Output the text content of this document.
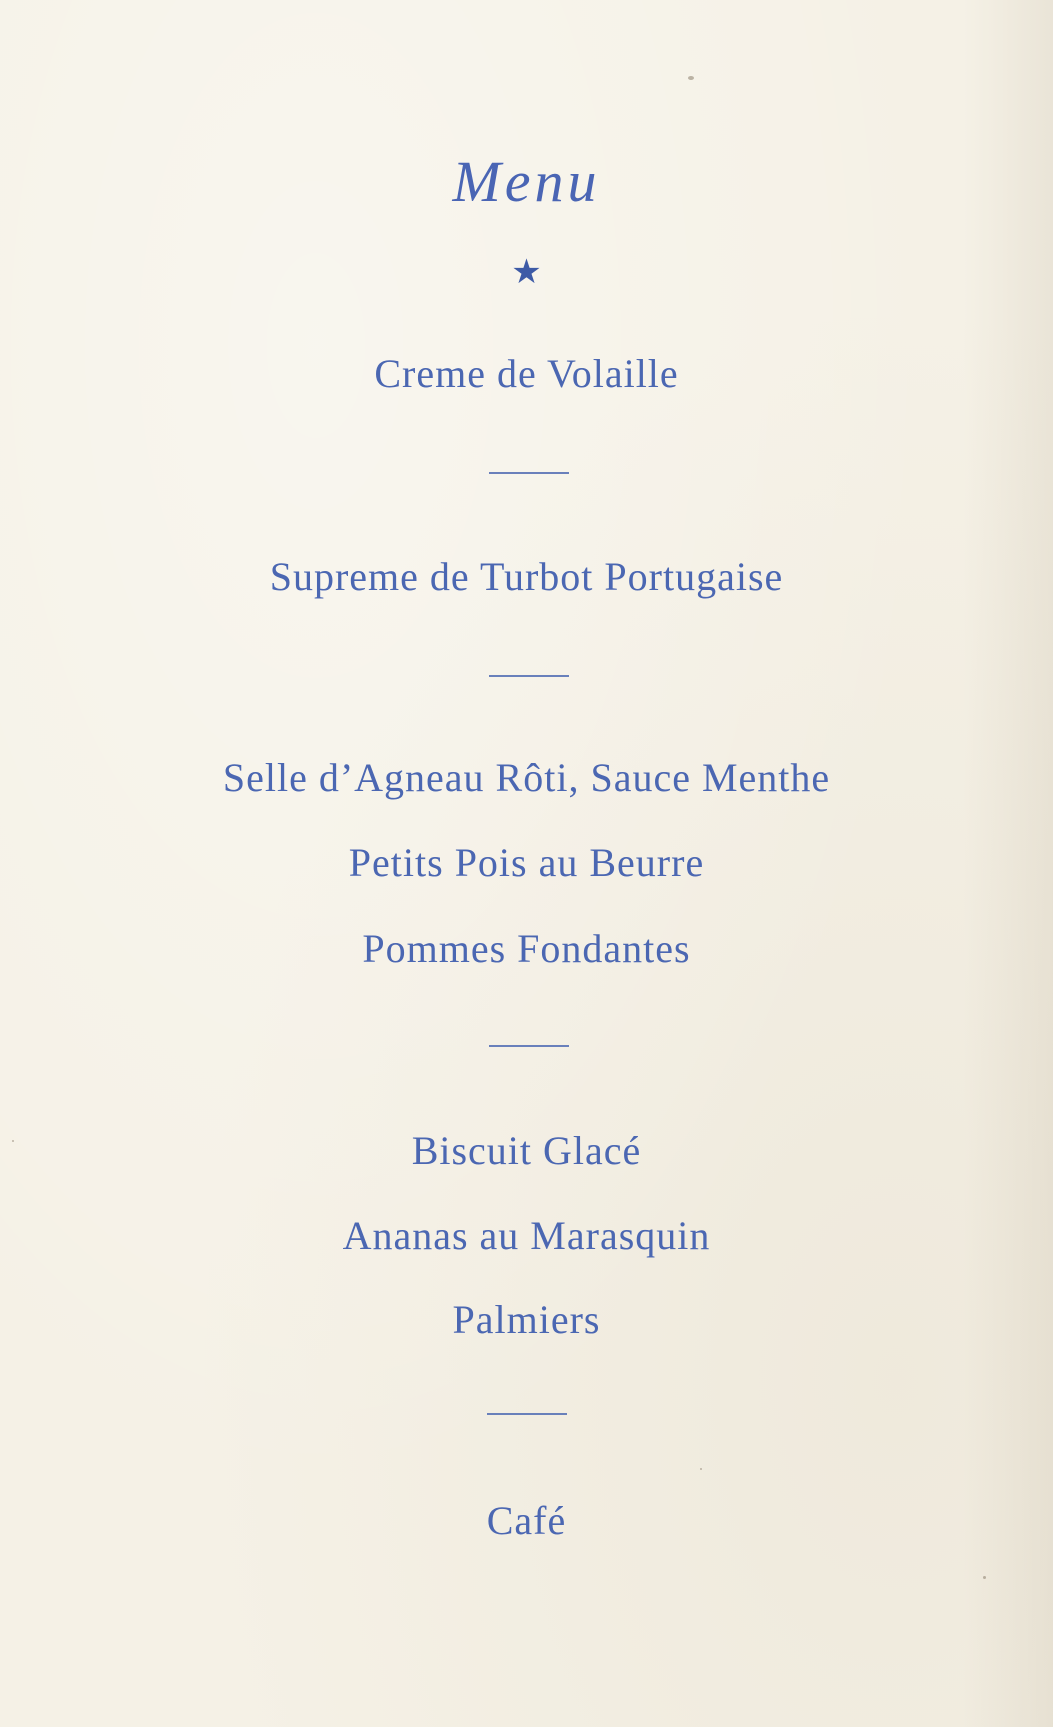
Menu
★
Creme de Volaille
Supreme de Turbot Portugaise
Selle d’Agneau Rôti, Sauce Menthe
Petits Pois au Beurre
Pommes Fondantes
Biscuit Glacé
Ananas au Marasquin
Palmiers
Café
